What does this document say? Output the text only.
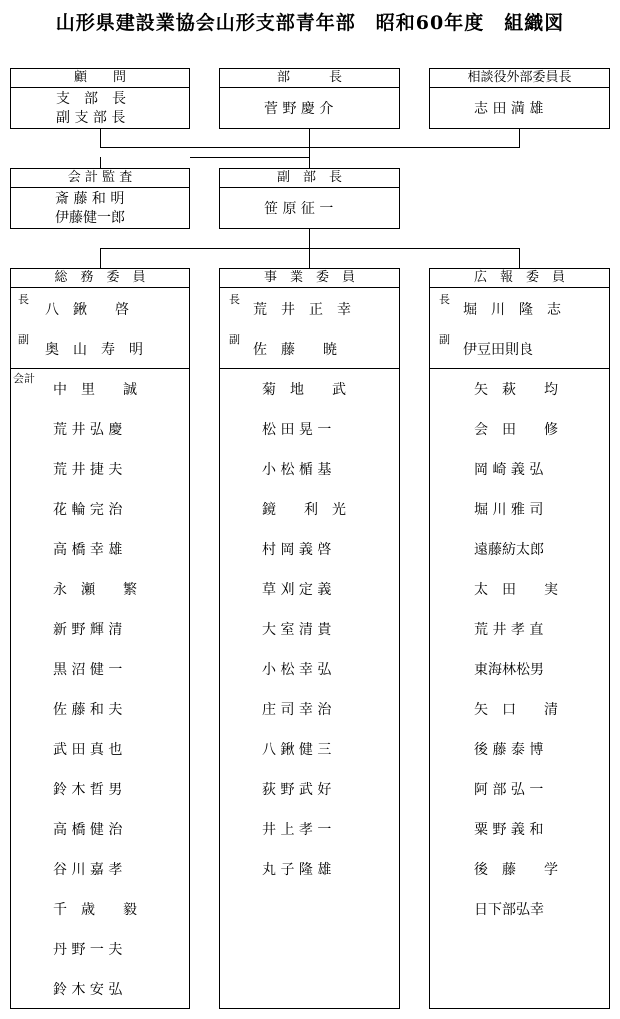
山形県建設業協会山形支部青年部　昭和60年度　組織図
顧　　問
支　部　長
副 支 部 長
部　　　長
菅 野 慶 介
相談役外部委員長
志 田 満 雄
会 計 監 査
斎 藤 和 明
伊藤健一郎
副　部　長
笹 原 征 一
総　務　委　員
長
八　鍬　　啓
副
奥　山　寿　明
会計
中　里　　誠
荒 井 弘 慶
荒 井 捷 夫
花 輪 完 治
高 橋 幸 雄
永　瀬　　繁
新 野 輝 清
黒 沼 健 一
佐 藤 和 夫
武 田 真 也
鈴 木 哲 男
高 橋 健 治
谷 川 嘉 孝
千　歳　　毅
丹 野 一 夫
鈴 木 安 弘
事　業　委　員
長
荒　井　正　幸
副
佐　藤　　暁
菊　地　　武
松 田 晃 一
小 松 楯 基
鏡　　利　光
村 岡 義 啓
草 刈 定 義
大 室 清 貴
小 松 幸 弘
庄 司 幸 治
八 鍬 健 三
荻 野 武 好
井 上 孝 一
丸 子 隆 雄
広　報　委　員
長
堀　川　隆　志
副
伊豆田則良
矢　萩　　均
会　田　　修
岡 崎 義 弘
堀 川 雅 司
遠藤紡太郎
太　田　　実
荒 井 孝 直
東海林松男
矢　口　　清
後 藤 泰 博
阿 部 弘 一
粟 野 義 和
後　藤　　学
日下部弘幸
